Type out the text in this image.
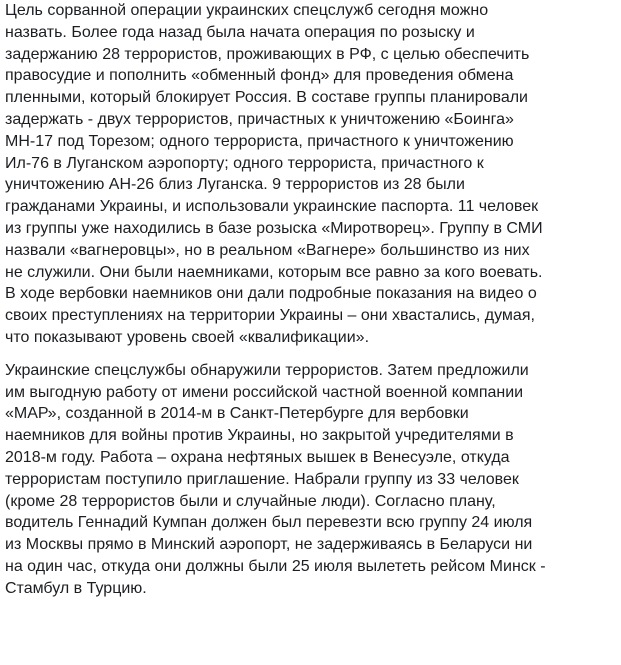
Цель сорванной операции украинских спецслужб сегодня можно
назвать. Более года назад была начата операция по розыску и
задержанию 28 террористов, проживающих в РФ, с целью обеспечить
правосудие и пополнить «обменный фонд» для проведения обмена
пленными, который блокирует Россия. В составе группы планировали
задержать - двух террористов, причастных к уничтожению «Боинга»
МН-17 под Торезом; одного террориста, причастного к уничтожению
Ил-76 в Луганском аэропорту; одного террориста, причастного к
уничтожению АН-26 близ Луганска. 9 террористов из 28 были
гражданами Украины, и использовали украинские паспорта. 11 человек
из группы уже находились в базе розыска «Миротворец». Группу в СМИ
назвали «вагнеровцы», но в реальном «Вагнере» большинство из них
не служили. Они были наемниками, которым все равно за кого воевать.
В ходе вербовки наемников они дали подробные показания на видео о
своих преступлениях на территории Украины – они хвастались, думая,
что показывают уровень своей «квалификации».
Украинские спецслужбы обнаружили террористов. Затем предложили
им выгодную работу от имени российской частной военной компании
«МАР», созданной в 2014-м в Санкт-Петербурге для вербовки
наемников для войны против Украины, но закрытой учредителями в
2018-м году. Работа – охрана нефтяных вышек в Венесуэле, откуда
террористам поступило приглашение. Набрали группу из 33 человек
(кроме 28 террористов были и случайные люди). Согласно плану,
водитель Геннадий Кумпан должен был перевезти всю группу 24 июля
из Москвы прямо в Минский аэропорт, не задерживаясь в Беларуси ни
на один час, откуда они должны были 25 июля вылететь рейсом Минск -
Стамбул в Турцию.
